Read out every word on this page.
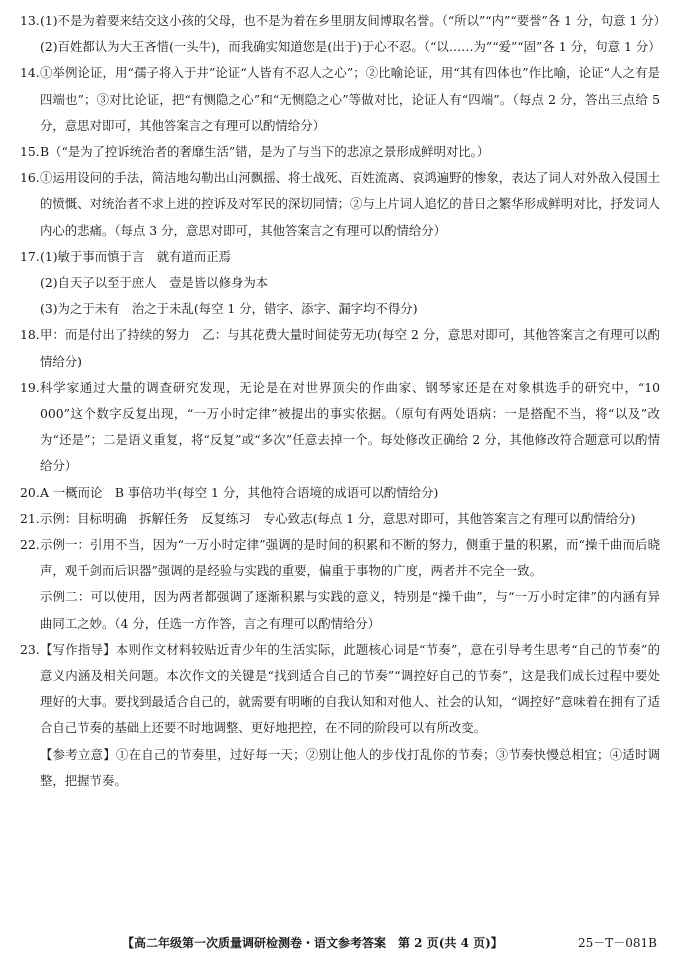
13. (1)不是为着要来结交这小孩的父母，也不是为着在乡里朋友间博取名誉。（“所以”“内”“要誉”各 1 分，句意 1 分）
(2)百姓都认为大王吝惜(一头牛)，而我确实知道您是(出于)于心不忍。（“以……为”“爱”“固”各 1 分，句意 1 分）
14. ①举例论证，用“孺子将入于井”论证“人皆有不忍人之心”；②比喻论证，用“其有四体也”作比喻，论证“人之有是四端也”；③对比论证，把“有恻隐之心”和“无恻隐之心”等做对比，论证人有“四端”。（每点 2 分，答出三点给 5 分，意思对即可，其他答案言之有理可以酌情给分）
15. B（“是为了控诉统治者的奢靡生活”错，是为了与当下的悲凉之景形成鲜明对比。）
16. ①运用设问的手法，简洁地勾勒出山河飘摇、将士战死、百姓流离、哀鸿遍野的惨象，表达了词人对外敌入侵国土的愤慨、对统治者不求上进的控诉及对军民的深切同情；②与上片词人追忆的昔日之繁华形成鲜明对比，抒发词人内心的悲痛。（每点 3 分，意思对即可，其他答案言之有理可以酌情给分）
17. (1)敏于事而慎于言　就有道而正焉
(2)自天子以至于庶人　壹是皆以修身为本
(3)为之于未有　治之于未乱(每空 1 分，错字、添字、漏字均不得分)
18. 甲：而是付出了持续的努力　乙：与其花费大量时间徒劳无功(每空 2 分，意思对即可，其他答案言之有理可以酌情给分)
19. 科学家通过大量的调查研究发现，无论是在对世界顶尖的作曲家、钢琴家还是在对象棋选手的研究中，“10 000”这个数字反复出现，“一万小时定律”被提出的事实依据。（原句有两处语病：一是搭配不当，将“以及”改为“还是”；二是语义重复，将“反复”或“多次”任意去掉一个。每处修改正确给 2 分，其他修改符合题意可以酌情给分）
20. A 一概而论　B 事倍功半(每空 1 分，其他符合语境的成语可以酌情给分)
21. 示例：目标明确　拆解任务　反复练习　专心致志(每点 1 分，意思对即可，其他答案言之有理可以酌情给分)
22. 示例一：引用不当，因为“一万小时定律”强调的是时间的积累和不断的努力，侧重于量的积累，而“操千曲而后晓声，观千剑而后识器”强调的是经验与实践的重要，偏重于事物的广度，两者并不完全一致。
示例二：可以使用，因为两者都强调了逐渐积累与实践的意义，特别是“操千曲”，与“一万小时定律”的内涵有异曲同工之妙。（4 分，任选一方作答，言之有理可以酌情给分）
23. 【写作指导】本则作文材料较贴近青少年的生活实际，此题核心词是“节奏”，意在引导考生思考“自己的节奏”的意义内涵及相关问题。本次作文的关键是“找到适合自己的节奏”“调控好自己的节奏”，这是我们成长过程中要处理好的大事。要找到最适合自己的，就需要有明晰的自我认知和对他人、社会的认知，“调控好”意味着在拥有了适合自己节奏的基础上还要不时地调整、更好地把控，在不同的阶段可以有所改变。
【参考立意】①在自己的节奏里，过好每一天；②别让他人的步伐打乱你的节奏；③节奏快慢总相宜；④适时调整，把握节奏。
【高二年级第一次质量调研检测卷・语文参考答案　第 2 页(共 4 页)】	25－T－081B
